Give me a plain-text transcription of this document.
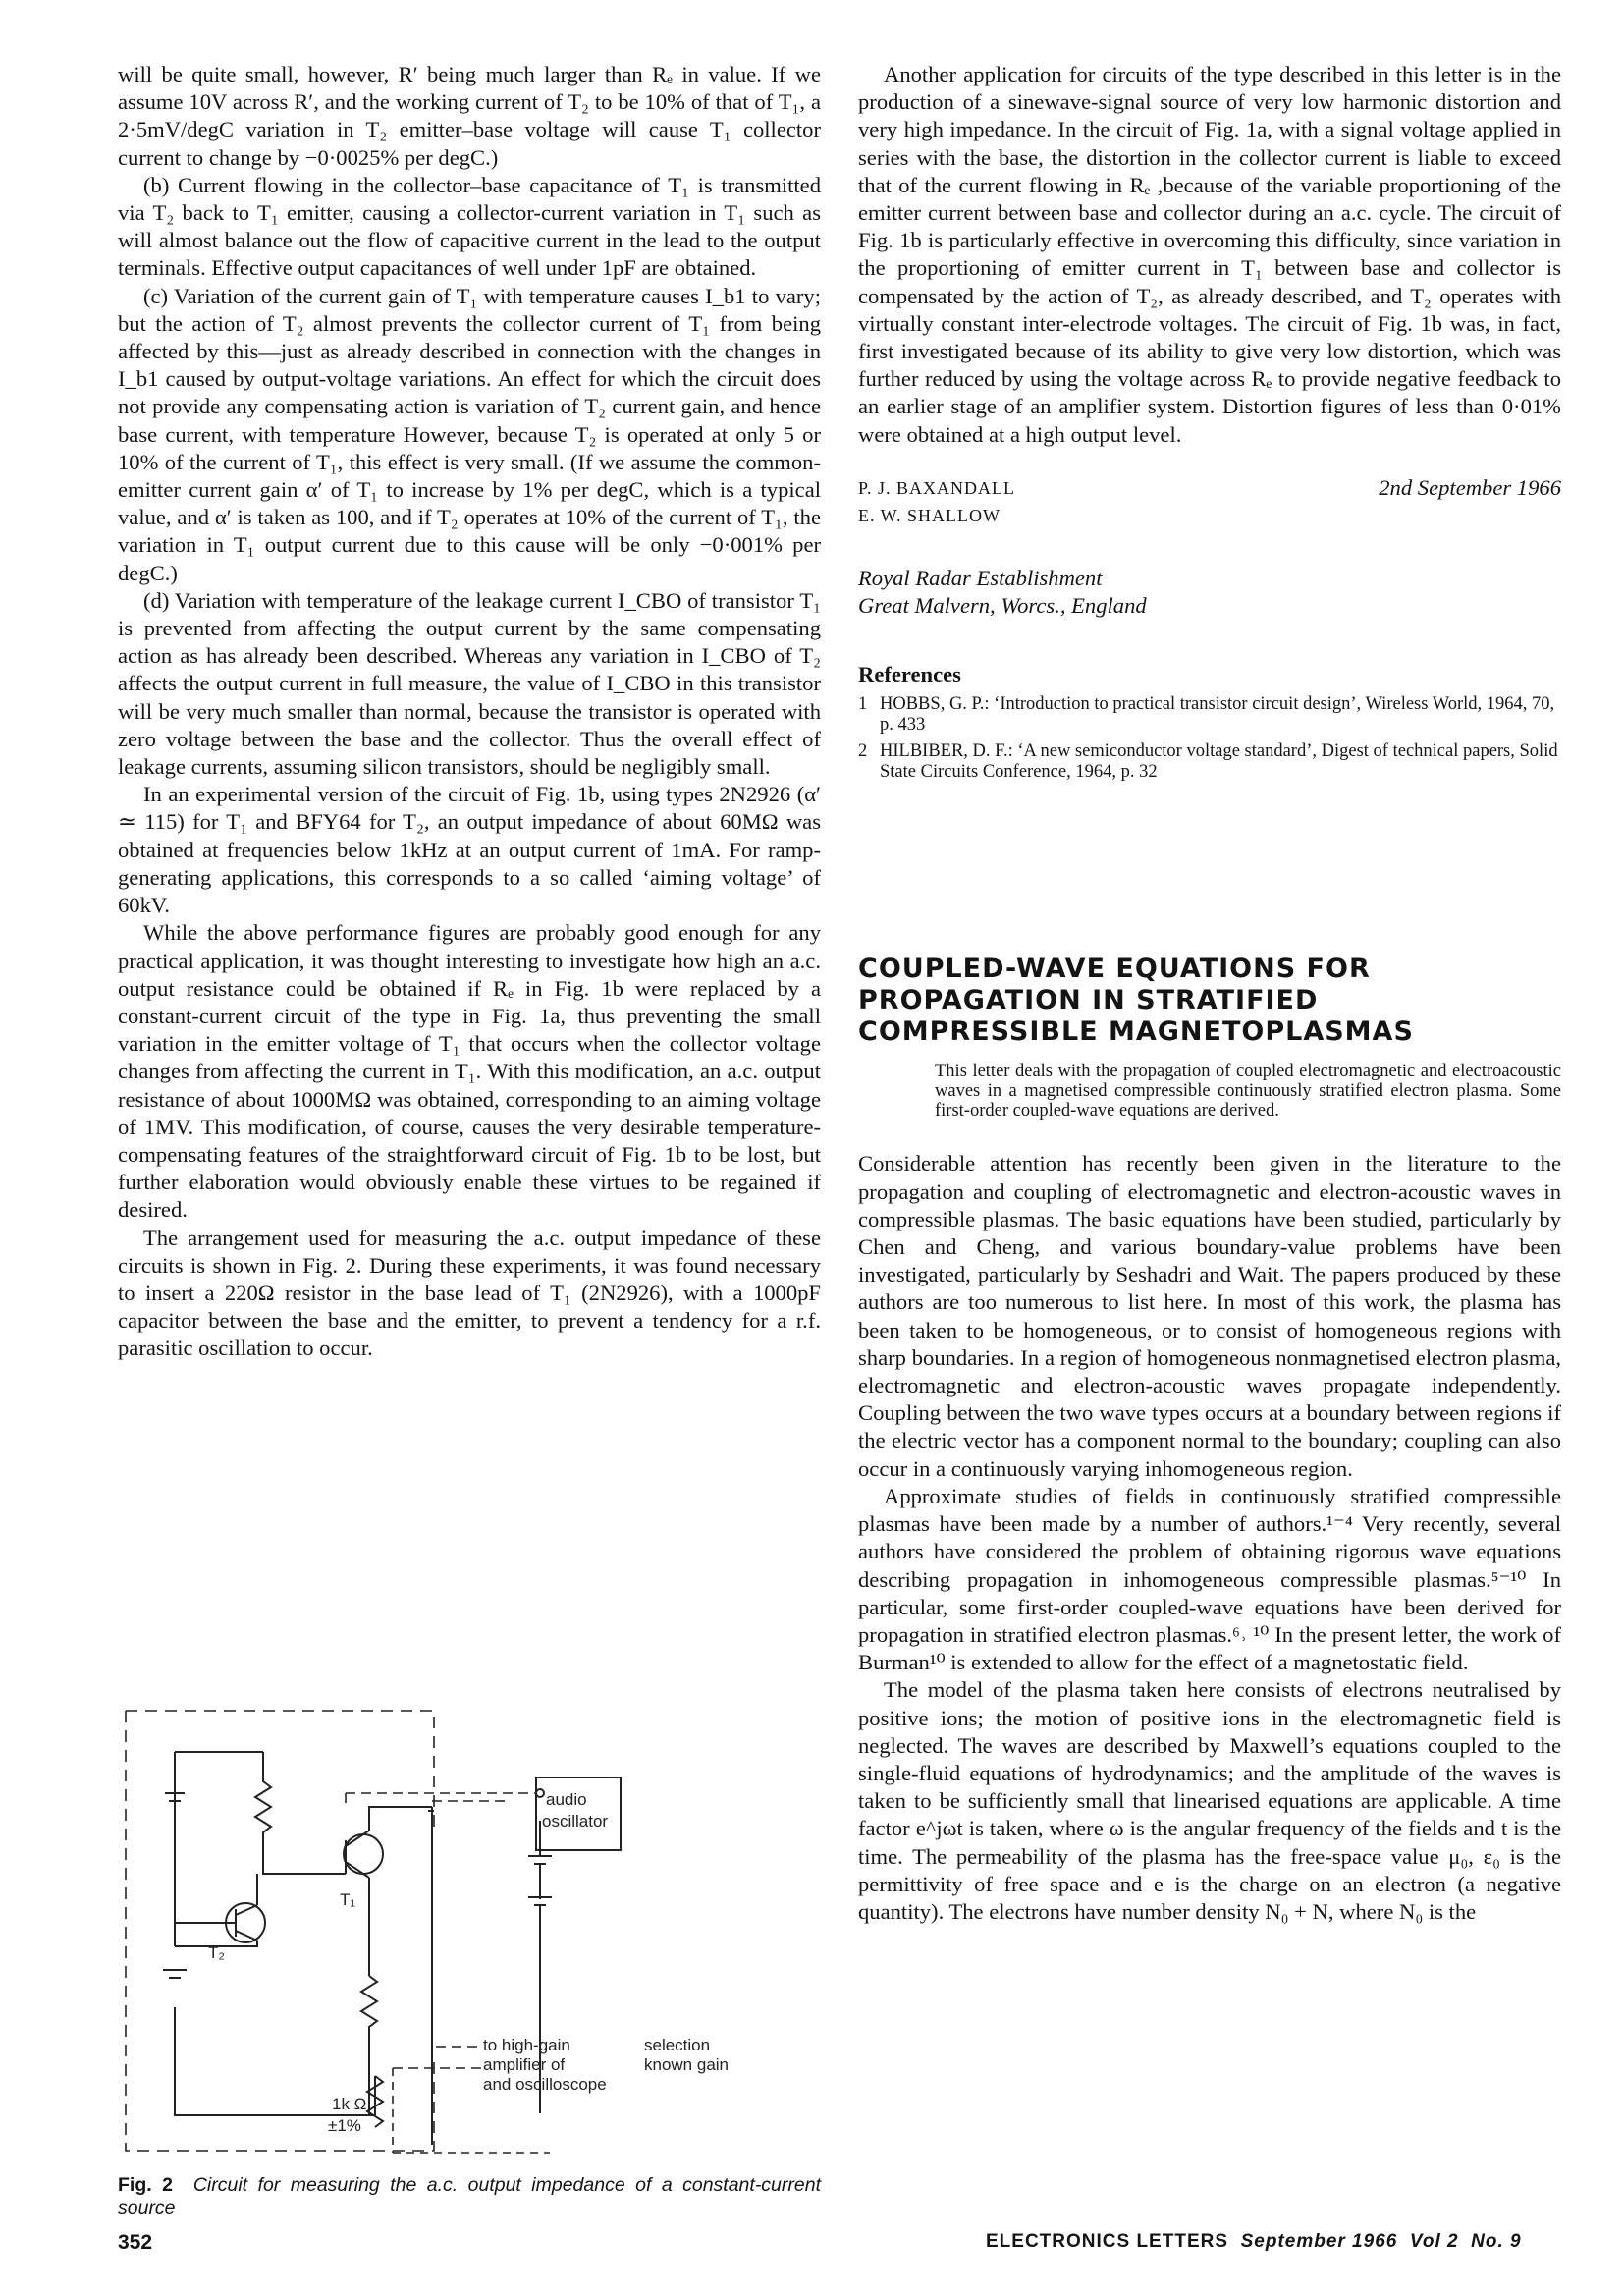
will be quite small, however, R′ being much larger than Rₑ in value. If we assume 10V across R′, and the working current of T₂ to be 10% of that of T₁, a 2·5mV/degC variation in T₂ emitter–base voltage will cause T₁ collector current to change by −0·0025% per degC.)

(b) Current flowing in the collector–base capacitance of T₁ is transmitted via T₂ back to T₁ emitter, causing a collector-current variation in T₁ such as will almost balance out the flow of capacitive current in the lead to the output terminals. Effective output capacitances of well under 1pF are obtained.

(c) Variation of the current gain of T₁ with temperature causes I_b1 to vary; but the action of T₂ almost prevents the collector current of T₁ from being affected by this—just as already described in connection with the changes in I_b1 caused by output-voltage variations. An effect for which the circuit does not provide any compensating action is variation of T₂ current gain, and hence base current, with temperature However, because T₂ is operated at only 5 or 10% of the current of T₁, this effect is very small. (If we assume the common-emitter current gain α′ of T₁ to increase by 1% per degC, which is a typical value, and α′ is taken as 100, and if T₂ operates at 10% of the current of T₁, the variation in T₁ output current due to this cause will be only −0·001% per degC.)

(d) Variation with temperature of the leakage current I_CBO of transistor T₁ is prevented from affecting the output current by the same compensating action as has already been described. Whereas any variation in I_CBO of T₂ affects the output current in full measure, the value of I_CBO in this transistor will be very much smaller than normal, because the transistor is operated with zero voltage between the base and the collector. Thus the overall effect of leakage currents, assuming silicon transistors, should be negligibly small.

In an experimental version of the circuit of Fig. 1b, using types 2N2926 (α′ ≃ 115) for T₁ and BFY64 for T₂, an output impedance of about 60MΩ was obtained at frequencies below 1kHz at an output current of 1mA. For ramp-generating applications, this corresponds to a so called ‘aiming voltage’ of 60kV.

While the above performance figures are probably good enough for any practical application, it was thought interesting to investigate how high an a.c. output resistance could be obtained if Rₑ in Fig. 1b were replaced by a constant-current circuit of the type in Fig. 1a, thus preventing the small variation in the emitter voltage of T₁ that occurs when the collector voltage changes from affecting the current in T₁. With this modification, an a.c. output resistance of about 1000MΩ was obtained, corresponding to an aiming voltage of 1MV. This modification, of course, causes the very desirable temperature-compensating features of the straightforward circuit of Fig. 1b to be lost, but further elaboration would obviously enable these virtues to be regained if desired.

The arrangement used for measuring the a.c. output impedance of these circuits is shown in Fig. 2. During these experiments, it was found necessary to insert a 220Ω resistor in the base lead of T₁ (2N2926), with a 1000pF capacitor between the base and the emitter, to prevent a tendency for a r.f. parasitic oscillation to occur.

audio
oscillator
T₁
T₂
to high-gain
amplifier of
and oscilloscope
selection
known gain
1k Ω
±1%
Fig. 2 Circuit for measuring the a.c. output impedance of a constant-current source
352

Another application for circuits of the type described in this letter is in the production of a sinewave-signal source of very low harmonic distortion and very high impedance. In the circuit of Fig. 1a, with a signal voltage applied in series with the base, the distortion in the collector current is liable to exceed that of the current flowing in Rₑ ,because of the variable proportioning of the emitter current between base and collector during an a.c. cycle. The circuit of Fig. 1b is particularly effective in overcoming this difficulty, since variation in the proportioning of emitter current in T₁ between base and collector is compensated by the action of T₂, as already described, and T₂ operates with virtually constant inter-electrode voltages. The circuit of Fig. 1b was, in fact, first investigated because of its ability to give very low distortion, which was further reduced by using the voltage across Rₑ to provide negative feedback to an earlier stage of an amplifier system. Distortion figures of less than 0·01% were obtained at a high output level.

P. J. BAXANDALL
E. W. SHALLOW
2nd September 1966

Royal Radar Establishment

Great Malvern, Worcs., England

References
1 HOBBS, G. P.: ‘Introduction to practical transistor circuit design’, Wireless World, 1964, 70, p. 433
2 HILBIBER, D. F.: ‘A new semiconductor voltage standard’, Digest of technical papers, Solid State Circuits Conference, 1964, p. 32
COUPLED-WAVE EQUATIONS FOR PROPAGATION IN STRATIFIED COMPRESSIBLE MAGNETOPLASMAS
This letter deals with the propagation of coupled electromagnetic and electroacoustic waves in a magnetised compressible continuously stratified electron plasma. Some first-order coupled-wave equations are derived.

Considerable attention has recently been given in the literature to the propagation and coupling of electromagnetic and electron-acoustic waves in compressible plasmas. The basic equations have been studied, particularly by Chen and Cheng, and various boundary-value problems have been investigated, particularly by Seshadri and Wait. The papers produced by these authors are too numerous to list here. In most of this work, the plasma has been taken to be homogeneous, or to consist of homogeneous regions with sharp boundaries. In a region of homogeneous nonmagnetised electron plasma, electromagnetic and electron-acoustic waves propagate independently. Coupling between the two wave types occurs at a boundary between regions if the electric vector has a component normal to the boundary; coupling can also occur in a continuously varying inhomogeneous region.

Approximate studies of fields in continuously stratified compressible plasmas have been made by a number of authors.¹⁻⁴ Very recently, several authors have considered the problem of obtaining rigorous wave equations describing propagation in inhomogeneous compressible plasmas.⁵⁻¹⁰ In particular, some first-order coupled-wave equations have been derived for propagation in stratified electron plasmas.⁶˒ ¹⁰ In the present letter, the work of Burman¹⁰ is extended to allow for the effect of a magnetostatic field.

The model of the plasma taken here consists of electrons neutralised by positive ions; the motion of positive ions in the electromagnetic field is neglected. The waves are described by Maxwell’s equations coupled to the single-fluid equations of hydrodynamics; and the amplitude of the waves is taken to be sufficiently small that linearised equations are applicable. A time factor e^jωt is taken, where ω is the angular frequency of the fields and t is the time. The permeability of the plasma has the free-space value μ₀, ε₀ is the permittivity of free space and e is the charge on an electron (a negative quantity). The electrons have number density N₀ + N, where N₀ is the

ELECTRONICS LETTERS September 1966 Vol 2 No. 9
